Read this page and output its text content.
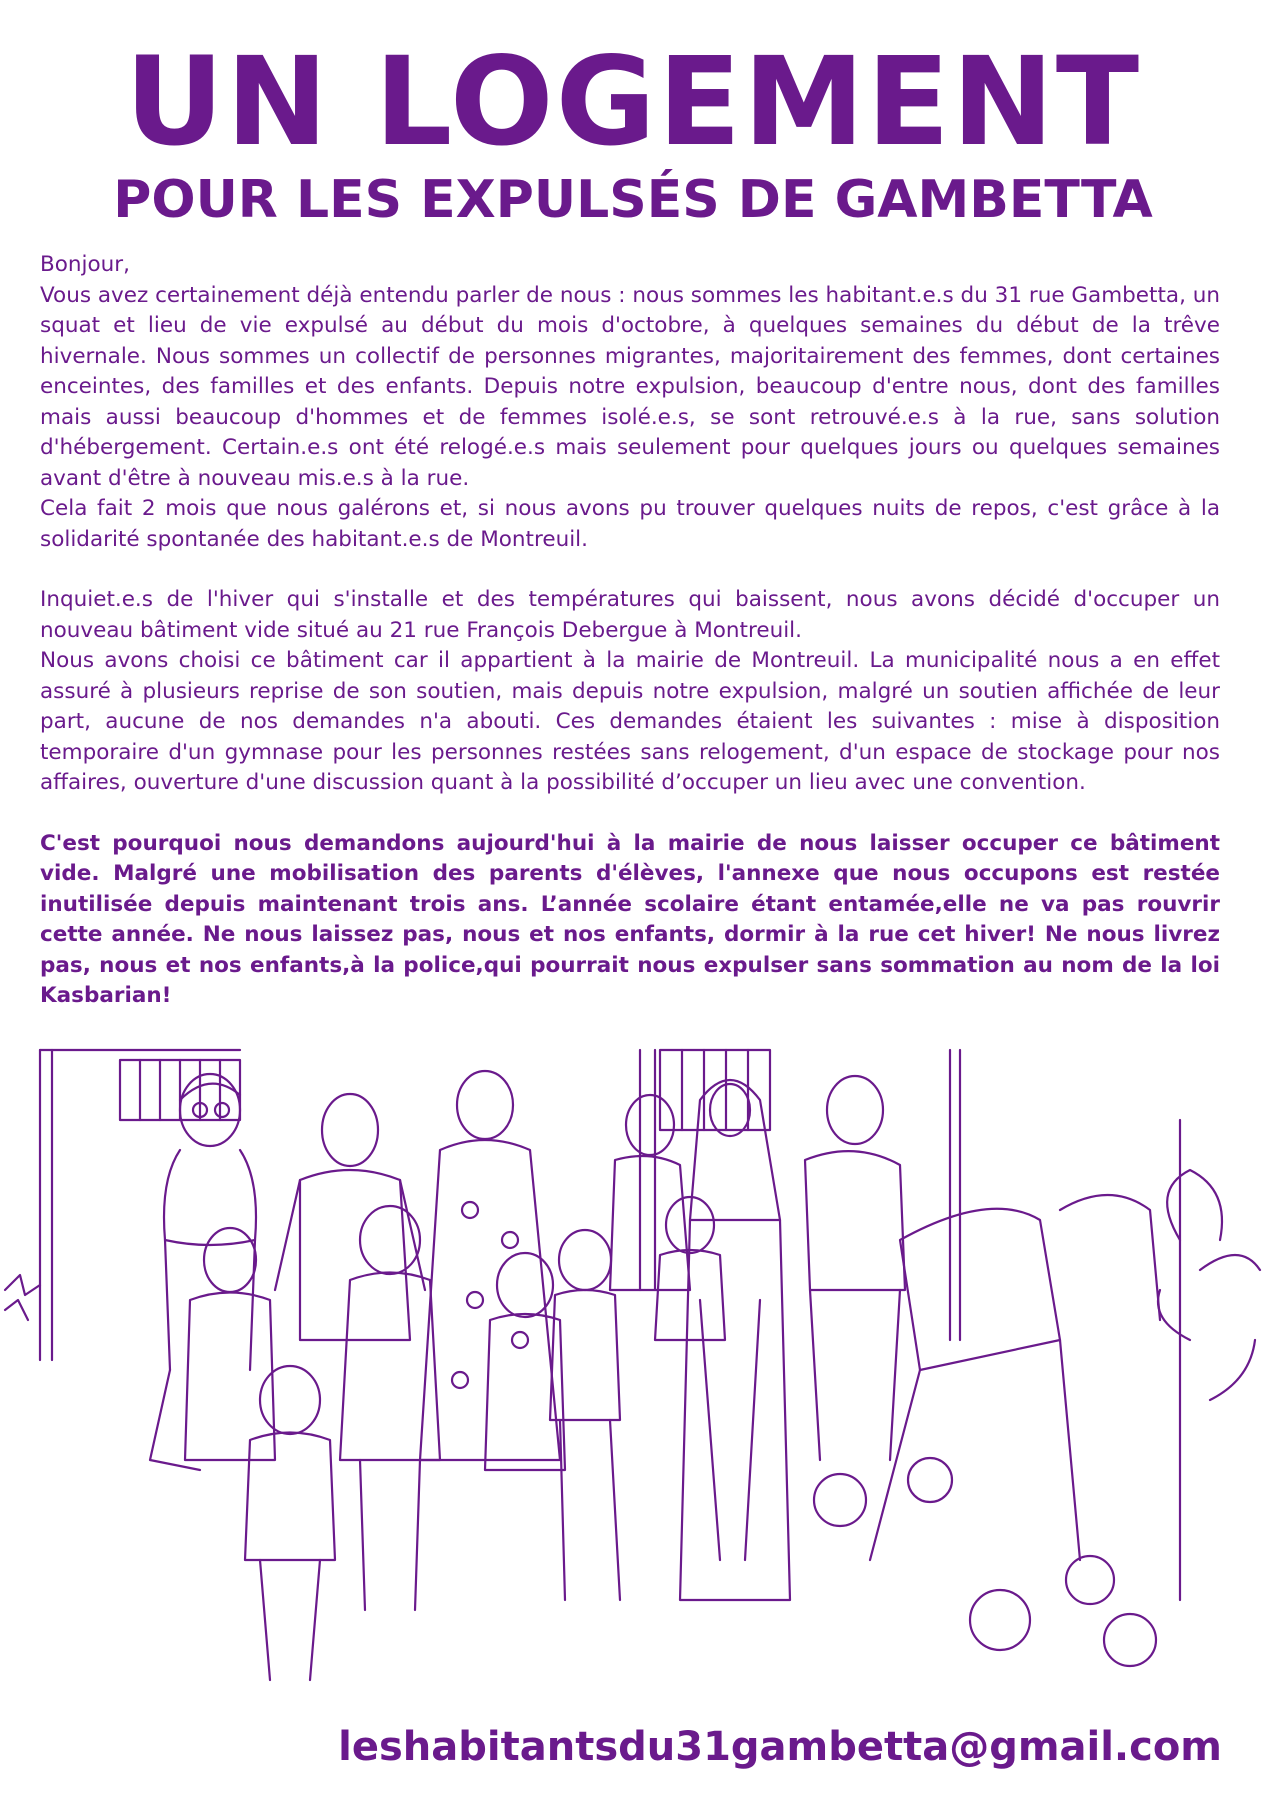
UN LOGEMENT
POUR LES EXPULSÉS DE GAMBETTA

Bonjour,

Vous avez certainement déjà entendu parler de nous : nous sommes les habitant.e.s du 31 rue Gambetta, un squat et lieu de vie expulsé au début du mois d'octobre, à quelques semaines du début de la trêve hivernale. Nous sommes un collectif de personnes migrantes, majoritairement des femmes, dont certaines enceintes, des familles et des enfants. Depuis notre expulsion, beaucoup d'entre nous, dont des familles mais aussi beaucoup d'hommes et de femmes isolé.e.s, se sont retrouvé.e.s à la rue, sans solution d'hébergement. Certain.e.s ont été relogé.e.s mais seulement pour quelques jours ou quelques semaines avant d'être à nouveau mis.e.s à la rue.

Cela fait 2 mois que nous galérons et, si nous avons pu trouver quelques nuits de repos, c'est grâce à la solidarité spontanée des habitant.e.s de Montreuil.

Inquiet.e.s de l'hiver qui s'installe et des températures qui baissent, nous avons décidé d'occuper un nouveau bâtiment vide situé au 21 rue François Debergue à Montreuil.

Nous avons choisi ce bâtiment car il appartient à la mairie de Montreuil. La municipalité nous a en effet assuré à plusieurs reprise de son soutien, mais depuis notre expulsion, malgré un soutien affichée de leur part, aucune de nos demandes n'a abouti. Ces demandes étaient les suivantes : mise à disposition temporaire d'un gymnase pour les personnes restées sans relogement, d'un espace de stockage pour nos affaires, ouverture d'une discussion quant à la possibilité d’occuper un lieu avec une convention.

C'est pourquoi nous demandons aujourd'hui à la mairie de nous laisser occuper ce bâtiment vide. Malgré une mobilisation des parents d'élèves, l'annexe que nous occupons est restée inutilisée depuis maintenant trois ans. L’année scolaire étant entamée,elle ne va pas rouvrir cette année. Ne nous laissez pas, nous et nos enfants, dormir à la rue cet hiver! Ne nous livrez pas, nous et nos enfants,à la police,qui pourrait nous expulser sans sommation au nom de la loi Kasbarian!

leshabitantsdu31gambetta@gmail.com
